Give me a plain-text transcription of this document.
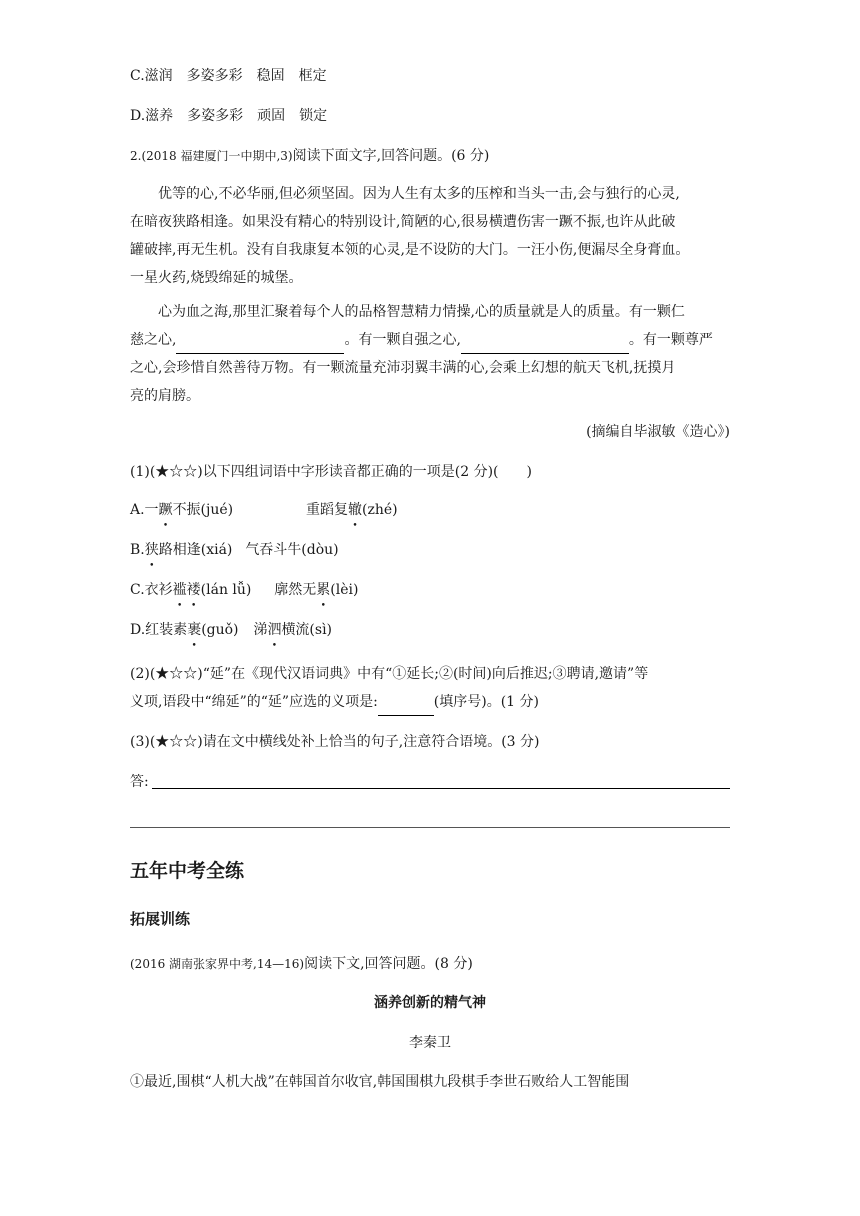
C.滋润　多姿多彩　稳固　框定
D.滋养　多姿多彩　顽固　锁定
2.(2018 福建厦门一中期中,3)阅读下面文字,回答问题。(6 分)
优等的心,不必华丽,但必须坚固。因为人生有太多的压榨和当头一击,会与独行的心灵,
在暗夜狭路相逢。如果没有精心的特别设计,简陋的心,很易横遭伤害一蹶不振,也许从此破
罐破摔,再无生机。没有自我康复本领的心灵,是不设防的大门。一汪小伤,便漏尽全身膏血。
一星火药,烧毁绵延的城堡。
心为血之海,那里汇聚着每个人的品格智慧精力情操,心的质量就是人的质量。有一颗仁
慈之心,	。有一颗自强之心,	。有一颗尊严
之心,会珍惜自然善待万物。有一颗流量充沛羽翼丰满的心,会乘上幻想的航天飞机,抚摸月
亮的肩膀。
(摘编自毕淑敏《造心》)
(1)(★☆☆)以下四组词语中字形读音都正确的一项是(2 分)(　　)
A.一蹶不振(jué)	重蹈复辙(zhé)
B.狭路相逢(xiá) 气吞斗牛(dòu)
C.衣衫褴褛(lán lǚ) 廓然无累(lèi)
D.红装素裹(guǒ) 涕泗横流(sì)
(2)(★☆☆)“延”在《现代汉语词典》中有“①延长;②(时间)向后推迟;③聘请,邀请”等
义项,语段中“绵延”的“延”应选的义项是:	(填序号)。(1 分)
(3)(★☆☆)请在文中横线处补上恰当的句子,注意符合语境。(3 分)
答:
五年中考全练
拓展训练
(2016 湖南张家界中考,14—16)阅读下文,回答问题。(8 分)
涵养创新的精气神
李秦卫
①最近,围棋“人机大战”在韩国首尔收官,韩国围棋九段棋手李世石败给人工智能围
